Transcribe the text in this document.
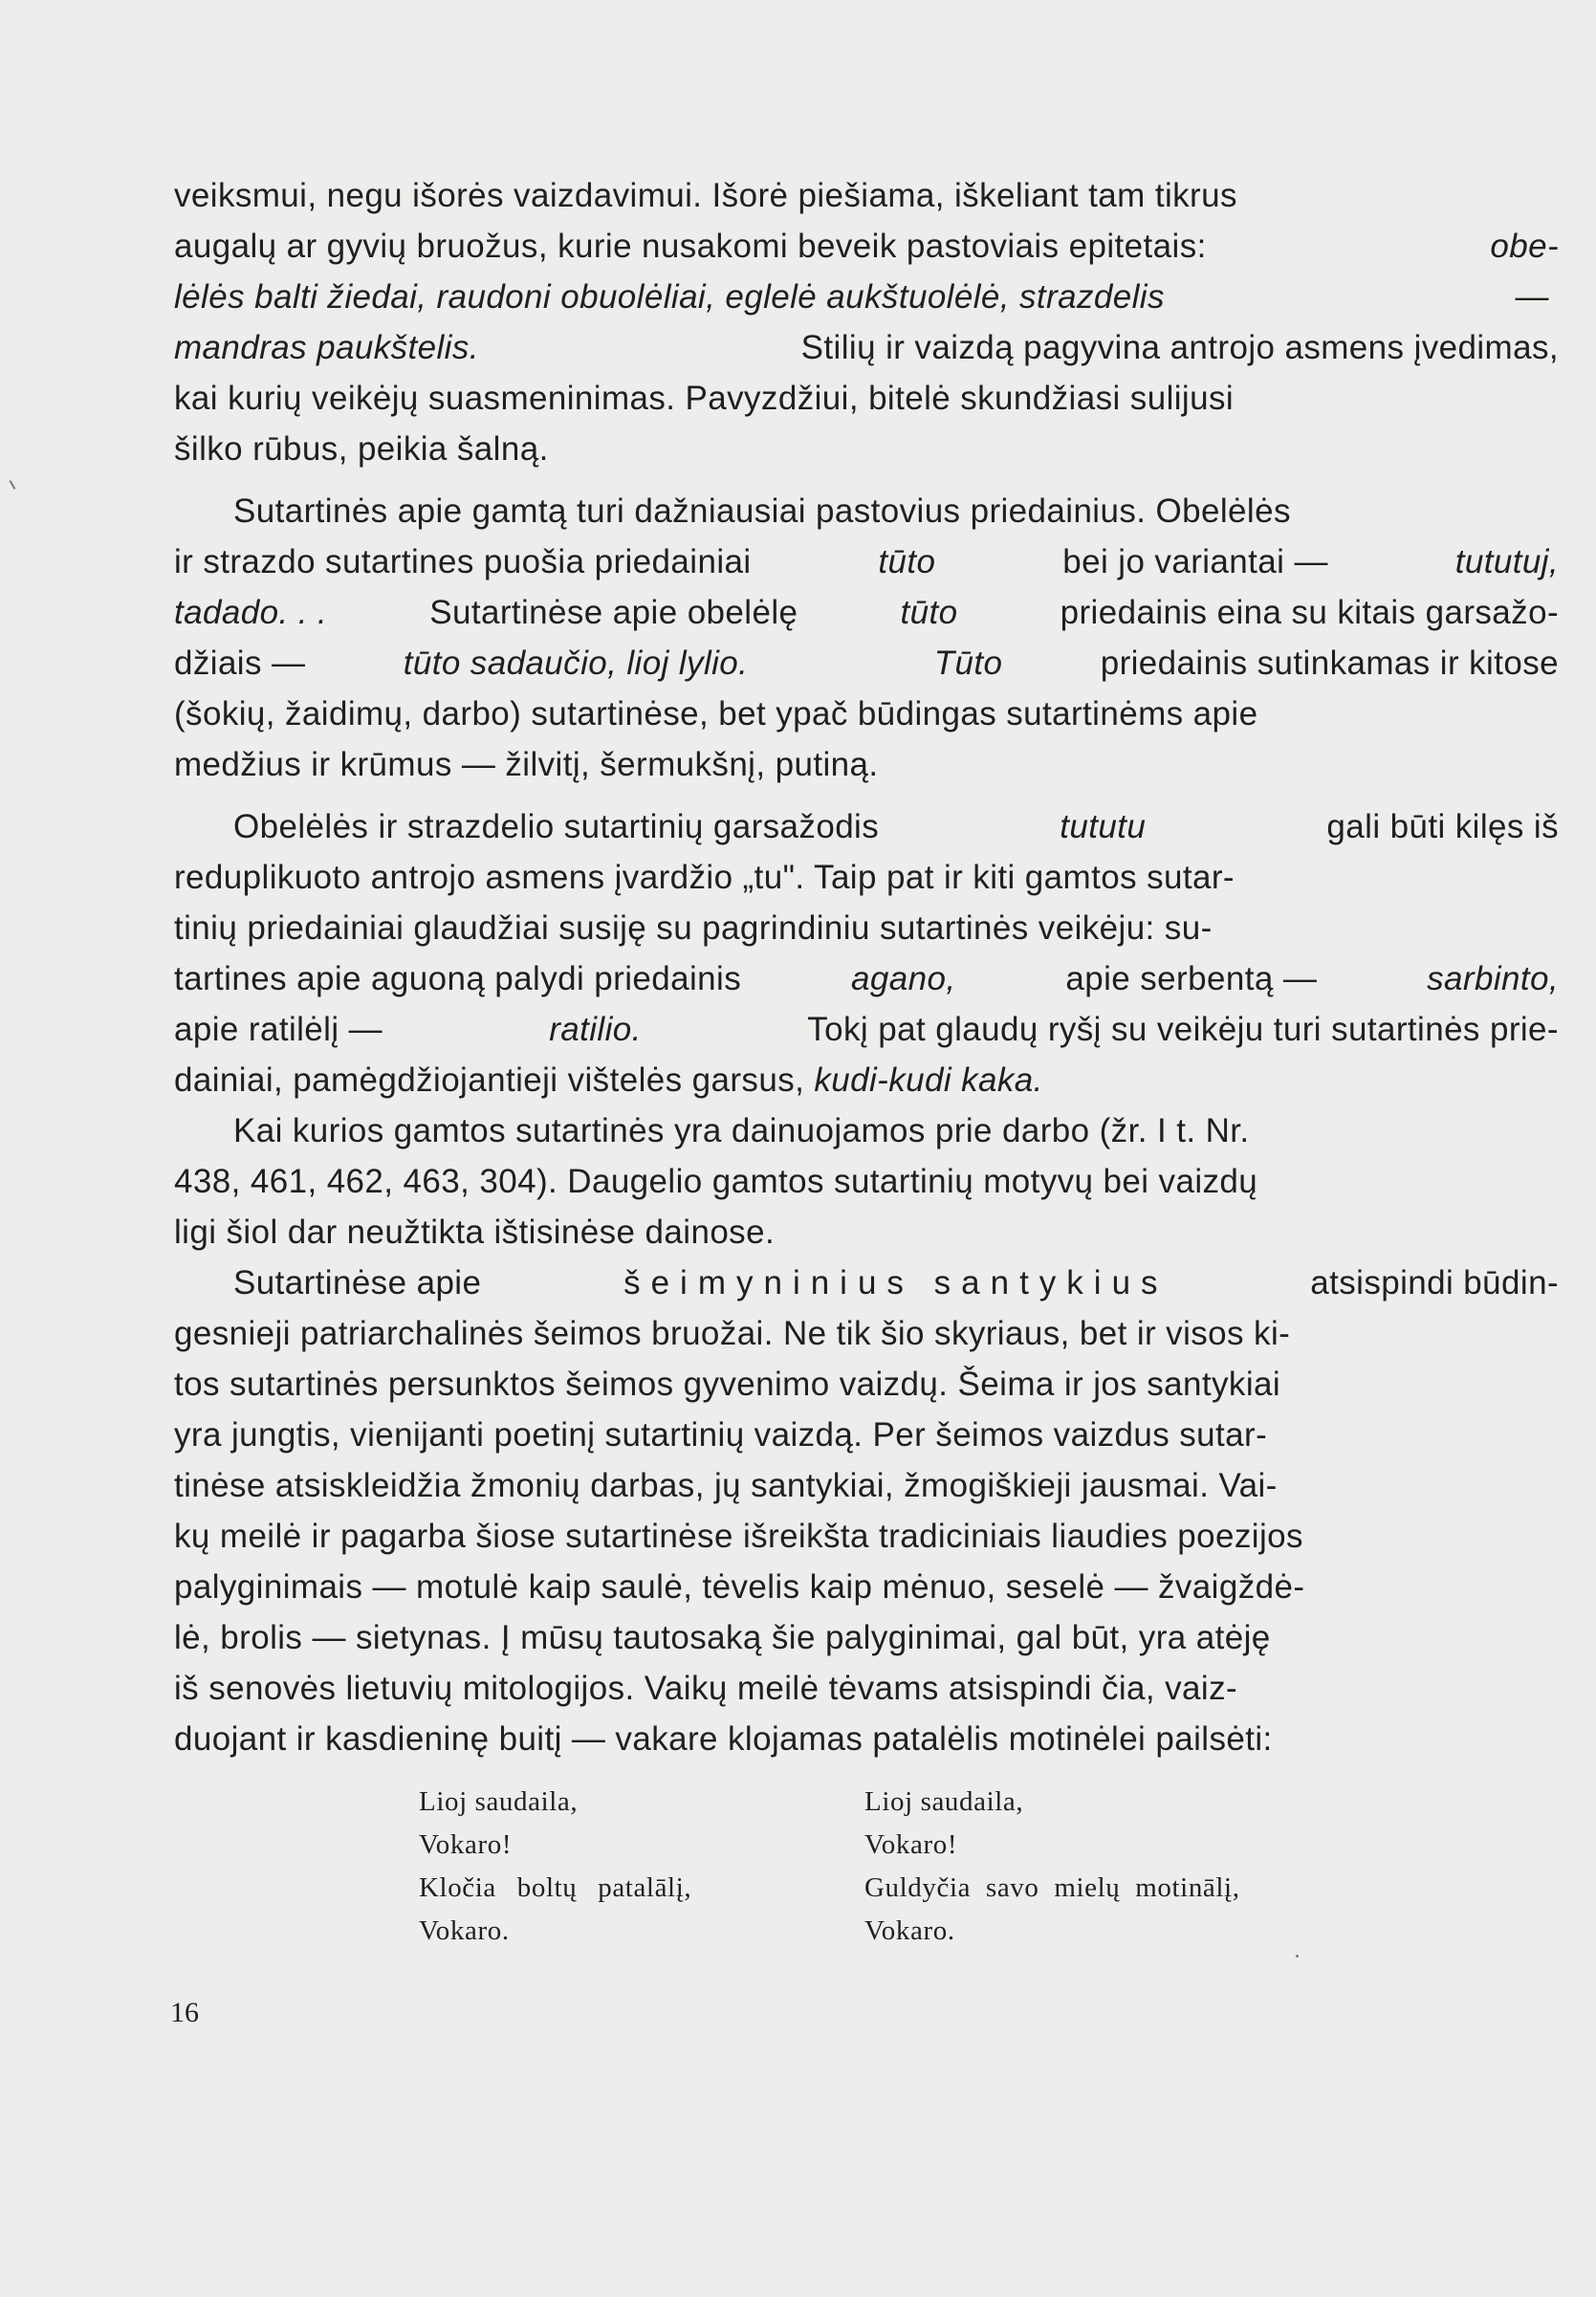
veiksmui, negu išorės vaizdavimui. Išorė piešiama, iškeliant tam tikrus
augalų ar gyvių bruožus, kurie nusakomi beveik pastoviais epitetais:	obe-
lėlės balti žiedai, raudoni obuolėliai, eglelė aukštuolėlė, strazdelis	—
mandras paukštelis.	Stilių ir vaizdą pagyvina antrojo asmens įvedimas,
kai kurių veikėjų suasmeninimas. Pavyzdžiui, bitelė skundžiasi sulijusi
šilko rūbus, peikia šalną.
Sutartinės apie gamtą turi dažniausiai pastovius priedainius. Obelėlės
ir strazdo sutartines puošia priedainiai	tūto	bei jo variantai —	tututuj,
tadado. . .	Sutartinėse apie obelėlę	tūto	priedainis eina su kitais garsažo-
džiais —	tūto sadaučio, lioj lylio.
	Tūto	priedainis sutinkamas ir kitose
(šokių, žaidimų, darbo) sutartinėse, bet ypač būdingas sutartinėms apie
medžius ir krūmus — žilvitį, šermukšnį, putiną.
Obelėlės ir strazdelio sutartinių garsažodis	tututu	gali būti kilęs iš
reduplikuoto antrojo asmens įvardžio „tu". Taip pat ir kiti gamtos sutar-
tinių priedainiai glaudžiai susiję su pagrindiniu sutartinės veikėju: su-
tartines apie aguoną palydi priedainis	agano,	apie serbentą —	sarbinto,
apie ratilėlį —	ratilio.	Tokį pat glaudų ryšį su veikėju turi sutartinės prie-
dainiai, pamėgdžiojantieji vištelės garsus, kudi-kudi kaka.
Kai kurios gamtos sutartinės yra dainuojamos prie darbo (žr. I t. Nr.
438, 461, 462, 463, 304). Daugelio gamtos sutartinių motyvų bei vaizdų
ligi šiol dar neužtikta ištisinėse dainose.
Sutartinėse apie	šeimyninius santykius	atsispindi būdin-
gesnieji patriarchalinės šeimos bruožai. Ne tik šio skyriaus, bet ir visos ki-
tos sutartinės persunktos šeimos gyvenimo vaizdų. Šeima ir jos santykiai
yra jungtis, vienijanti poetinį sutartinių vaizdą. Per šeimos vaizdus sutar-
tinėse atsiskleidžia žmonių darbas, jų santykiai, žmogiškieji jausmai. Vai-
kų meilė ir pagarba šiose sutartinėse išreikšta tradiciniais liaudies poezijos
palyginimais — motulė kaip saulė, tėvelis kaip mėnuo, seselė — žvaigždė-
lė, brolis — sietynas. Į mūsų tautosaką šie palyginimai, gal būt, yra atėję
iš senovės lietuvių mitologijos. Vaikų meilė tėvams atsispindi čia, vaiz-
duojant ir kasdieninę buitį — vakare klojamas patalėlis motinėlei pailsėti:
Lioj saudaila,
Vokaro!
Kločia boltų patalālį,
Vokaro.
Lioj saudaila,
Vokaro!
Guldyčia savo mielų motinālį,
Vokaro.
16
